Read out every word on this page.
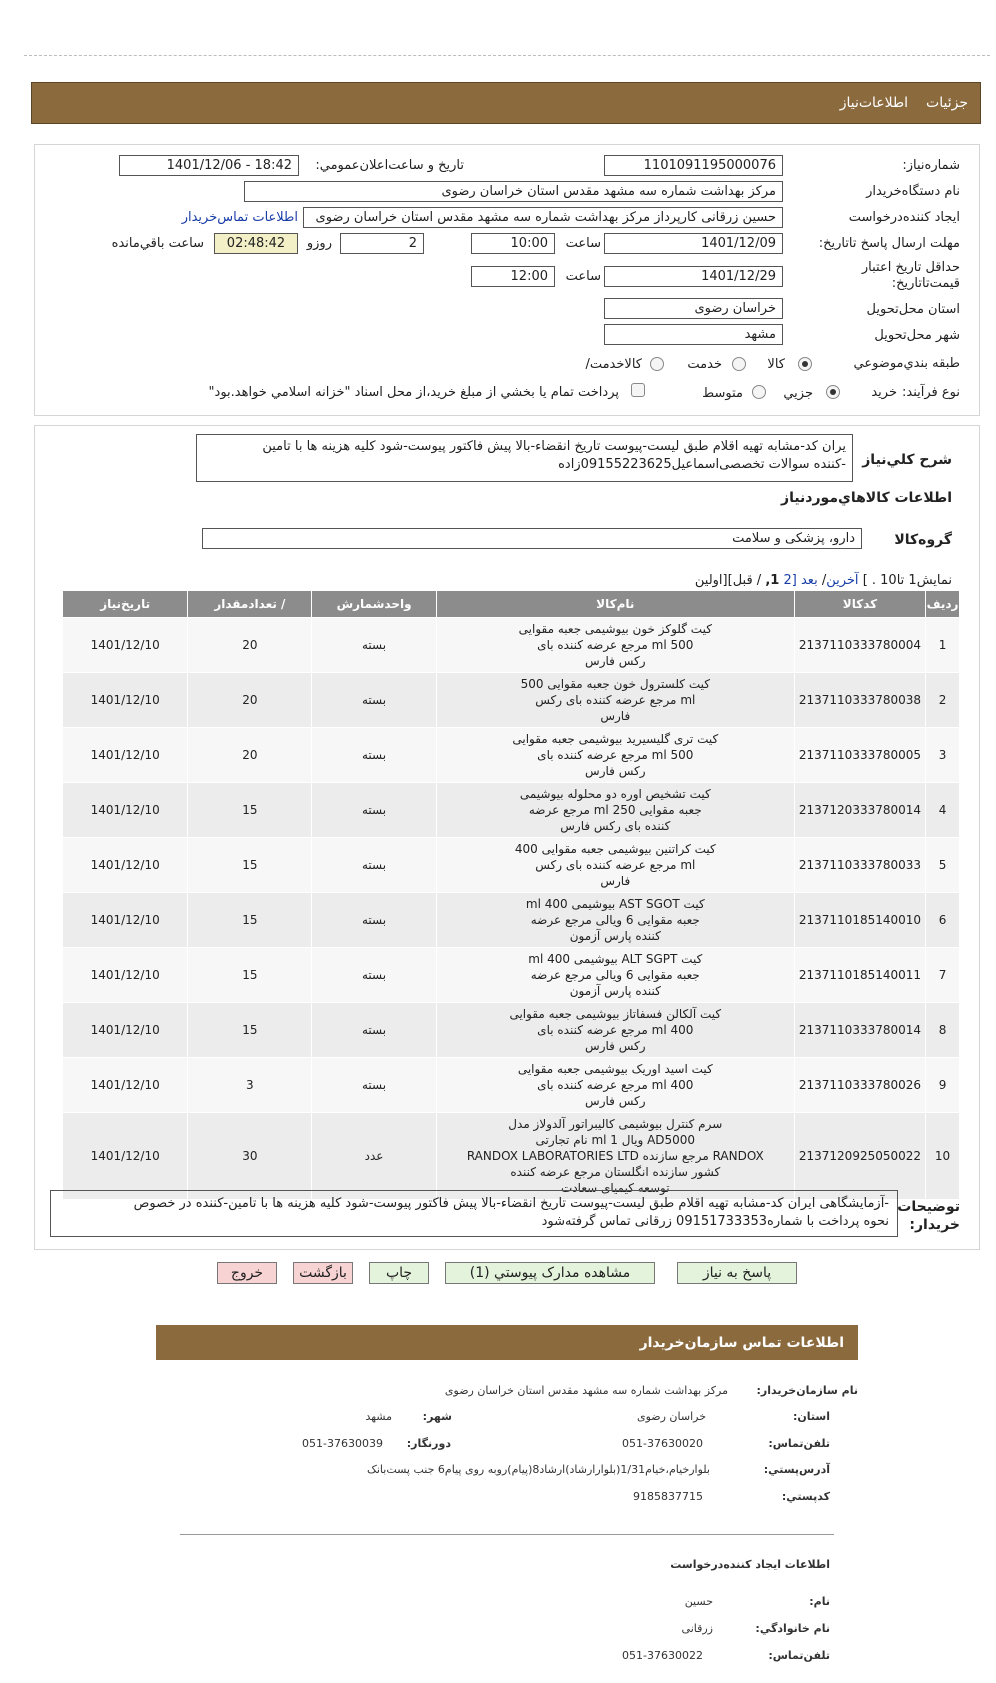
جزئيات
اطلاعات‌نياز
شماره‌نياز:
1101091195000076
تاريخ و ساعت‌اعلان‌عمومي:
1401/12/06 - 18:42
نام دستگاه‌خريدار
مرکز بهداشت شماره سه مشهد مقدس استان خراسان رضوی
ايجاد کننده‌درخواست
حسین زرقانی کارپرداز مرکز بهداشت شماره سه مشهد مقدس استان خراسان رضوی
اطلاعات تماس‌خريدار
مهلت ارسال پاسخ تا‌تاريخ:
1401/12/09
ساعت
10:00
2
روزو
02:48:42
ساعت باقي‌مانده
حداقل تاريخ اعتبار قيمت‌تا‌تاريخ:
1401/12/29
ساعت
12:00
استان محل‌تحويل
خراسان رضوی
شهر محل‌تحويل
مشهد
طبقه بندي‌موضوعي
کالا
خدمت
کالا‌خدمت/
نوع فرآيند:
خريد
جزيي
متوسط
پرداخت تمام يا بخشي از مبلغ خريد،از محل اسناد "خزانه اسلامي خواهد.بود"
شرح کلي‌نياز
یران کد-مشابه تهیه اقلام طبق لیست-پیوست تاریخ انقضاء-بالا پیش فاکتور پیوست-شود کلیه هزینه ها با تامین
-کننده سوالات تخصصی‌اسماعیل09155223625زاده
اطلاعات کالاهاي‌موردنياز
گروه‌کالا
دارو، پزشکی و سلامت
نمايش1 تا10 . ] آخرين/ بعد [2 1, / قبل][اولين
رديف	کدکالا	نام‌کالا	واحدشمارش	/ تعدادمقدار	تاريخ‌نياز

1	2137110333780004	کیت گلوکز خون بیوشیمی جعبه مقوایی
500 ml مرجع عرضه کننده بای
رکس فارس	بسته	20	1401/12/10

2	2137110333780038	کیت کلسترول خون جعبه مقوایی 500
ml مرجع عرضه کننده بای رکس
فارس	بسته	20	1401/12/10

3	2137110333780005	کیت تری گلیسیرید بیوشیمی جعبه مقوایی
500 ml مرجع عرضه کننده بای
رکس فارس	بسته	20	1401/12/10

4	2137120333780014	کیت تشخیص اوره دو محلوله بیوشیمی
جعبه مقوایی 250 ml مرجع عرضه
کننده بای رکس فارس	بسته	15	1401/12/10

5	2137110333780033	کیت کراتنین بیوشیمی جعبه مقوایی 400
ml مرجع عرضه کننده بای رکس
فارس	بسته	15	1401/12/10

6	2137110185140010	کیت AST SGOT بیوشیمی 400 ml
جعبه مقوایی 6 ویالی مرجع عرضه
کننده پارس آزمون	بسته	15	1401/12/10

7	2137110185140011	کیت ALT SGPT بیوشیمی 400 ml
جعبه مقوایی 6 ویالی مرجع عرضه
کننده پارس آزمون	بسته	15	1401/12/10

8	2137110333780014	کیت آلکالن فسفاتاز بیوشیمی جعبه مقوایی
400 ml مرجع عرضه کننده بای
رکس فارس	بسته	15	1401/12/10

9	2137110333780026	کیت اسید اوریک بیوشیمی جعبه مقوایی
400 ml مرجع عرضه کننده بای
رکس فارس	بسته	3	1401/12/10

10	2137120925050022	سرم کنترل بیوشیمی کالیبراتور آلدولاز مدل
AD5000 ویال 1 ml نام تجارتی
RANDOX مرجع سازنده RANDOX LABORATORIES LTD
کشور سازنده انگلستان مرجع عرضه کننده
توسعه کیمیای سعادت	عدد	30	1401/12/10
توضيحات خريدار:
-آزمایشگاهی ایران کد-مشابه تهیه اقلام طبق لیست-پیوست تاریخ انقضاء-بالا پیش فاکتور پیوست-شود کلیه هزینه ها با تامین-کننده در خصوص
نحوه پرداخت با شماره09151733353 زرقانی تماس گرفته‌شود
پاسخ به نياز
مشاهده مدارک پيوستي (1)
چاپ
بازگشت
خروج
اطلاعات تماس سازمان‌خريدار
نام سازمان‌خريدار:
مرکز بهداشت شماره سه مشهد مقدس استان خراسان رضوی
استان:
خراسان رضوی
شهر:
مشهد
تلفن‌تماس:
051-37630020
دورنگار:
051-37630039
آدرس‌پستي:
بلوارخیام،خیام1/31(بلوارارشاد)ارشاد8(پیام)روبه روی پیام6 جنب پست‌بانک
کدپستي:
9185837715
اطلاعات ايجاد کننده‌درخواست
نام:
حسین
نام خانوادگي:
زرقانی
تلفن‌تماس:
051-37630022
